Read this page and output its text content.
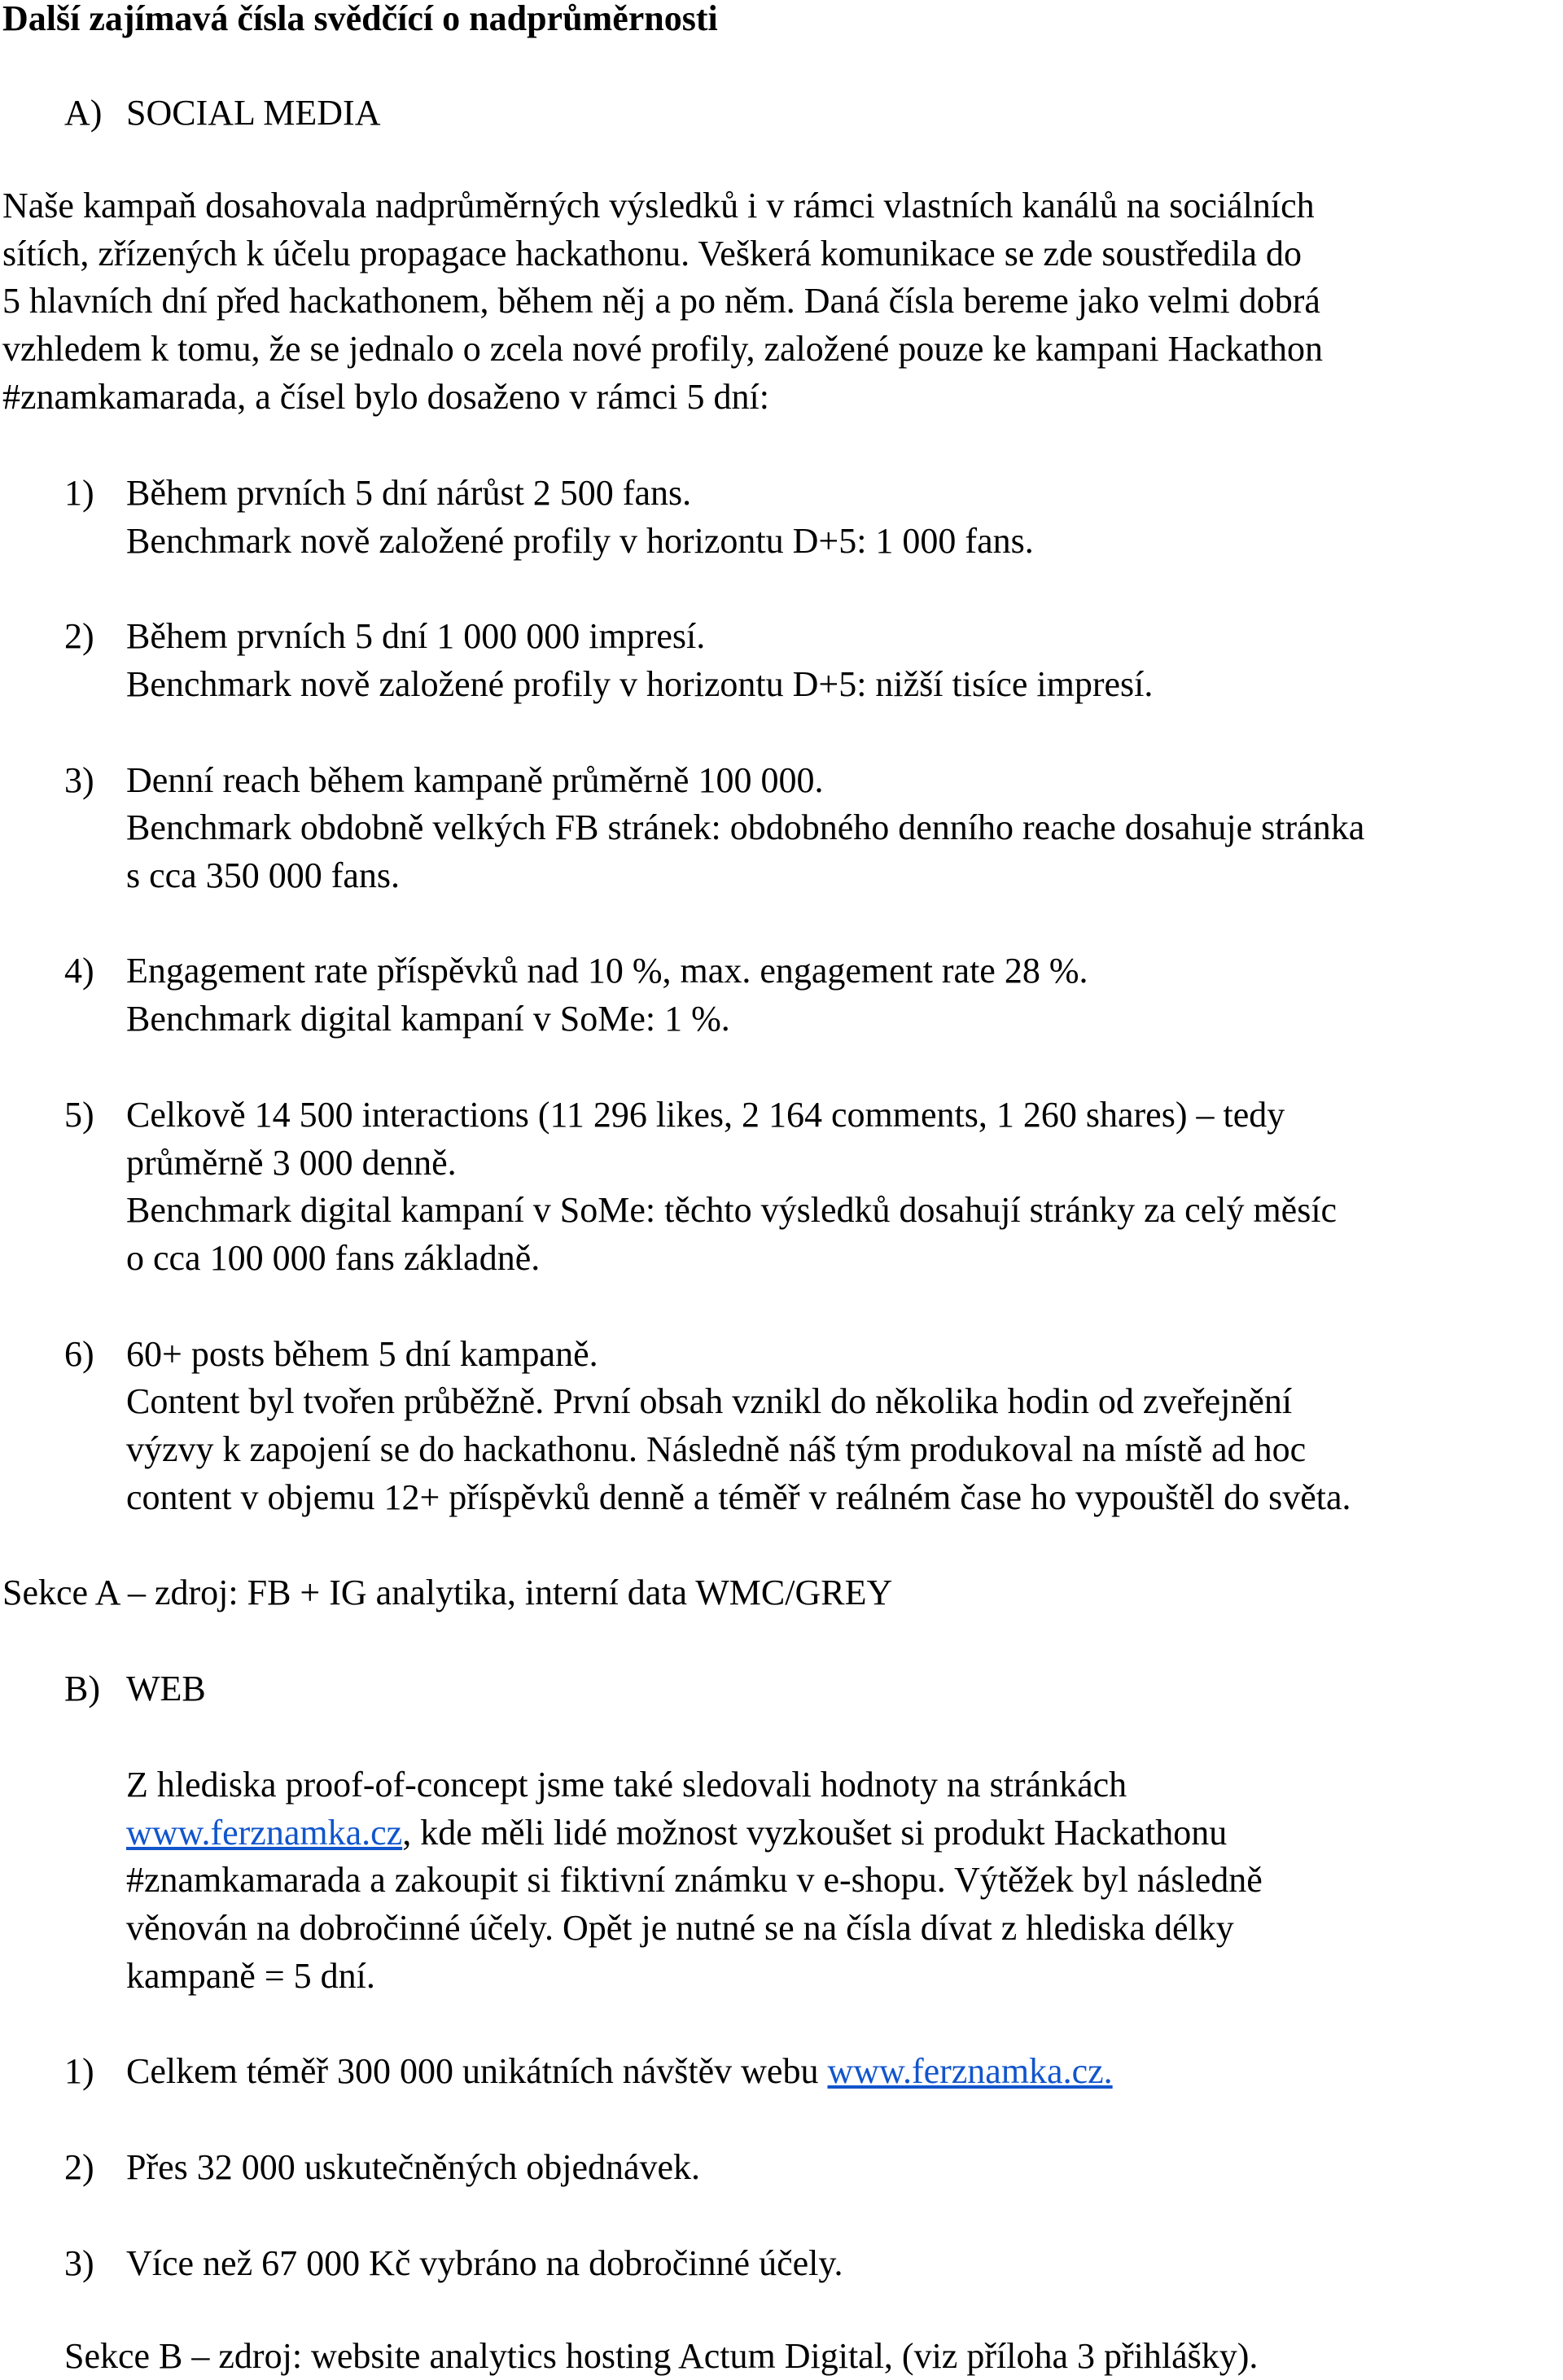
Další zajímavá čísla svědčící o nadprůměrnosti
A) SOCIAL MEDIA
Naše kampaň dosahovala nadprůměrných výsledků i v rámci vlastních kanálů na sociálních
sítích, zřízených k účelu propagace hackathonu. Veškerá komunikace se zde soustředila do
5 hlavních dní před hackathonem, během něj a po něm. Daná čísla bereme jako velmi dobrá
vzhledem k tomu, že se jednalo o zcela nové profily, založené pouze ke kampani Hackathon
#znamkamarada, a čísel bylo dosaženo v rámci 5 dní:
1) Během prvních 5 dní nárůst 2 500 fans.
Benchmark nově založené profily v horizontu D+5: 1 000 fans.
2) Během prvních 5 dní 1 000 000 impresí.
Benchmark nově založené profily v horizontu D+5: nižší tisíce impresí.
3) Denní reach během kampaně průměrně 100 000.
Benchmark obdobně velkých FB stránek: obdobného denního reache dosahuje stránka
s cca 350 000 fans.
4) Engagement rate příspěvků nad 10 %, max. engagement rate 28 %.
Benchmark digital kampaní v SoMe: 1 %.
5) Celkově 14 500 interactions (11 296 likes, 2 164 comments, 1 260 shares) – tedy
průměrně 3 000 denně.
Benchmark digital kampaní v SoMe: těchto výsledků dosahují stránky za celý měsíc
o cca 100 000 fans základně.
6) 60+ posts během 5 dní kampaně.
Content byl tvořen průběžně. První obsah vznikl do několika hodin od zveřejnění
výzvy k zapojení se do hackathonu. Následně náš tým produkoval na místě ad hoc
content v objemu 12+ příspěvků denně a téměř v reálném čase ho vypouštěl do světa.
Sekce A – zdroj: FB + IG analytika, interní data WMC/GREY
B) WEB
Z hlediska proof-of-concept jsme také sledovali hodnoty na stránkách
www.ferznamka.cz, kde měli lidé možnost vyzkoušet si produkt Hackathonu
#znamkamarada a zakoupit si fiktivní známku v e-shopu. Výtěžek byl následně
věnován na dobročinné účely. Opět je nutné se na čísla dívat z hlediska délky
kampaně = 5 dní.
1) Celkem téměř 300 000 unikátních návštěv webu www.ferznamka.cz.
2) Přes 32 000 uskutečněných objednávek.
3) Více než 67 000 Kč vybráno na dobročinné účely.
Sekce B – zdroj: website analytics hosting Actum Digital, (viz příloha 3 přihlášky).
